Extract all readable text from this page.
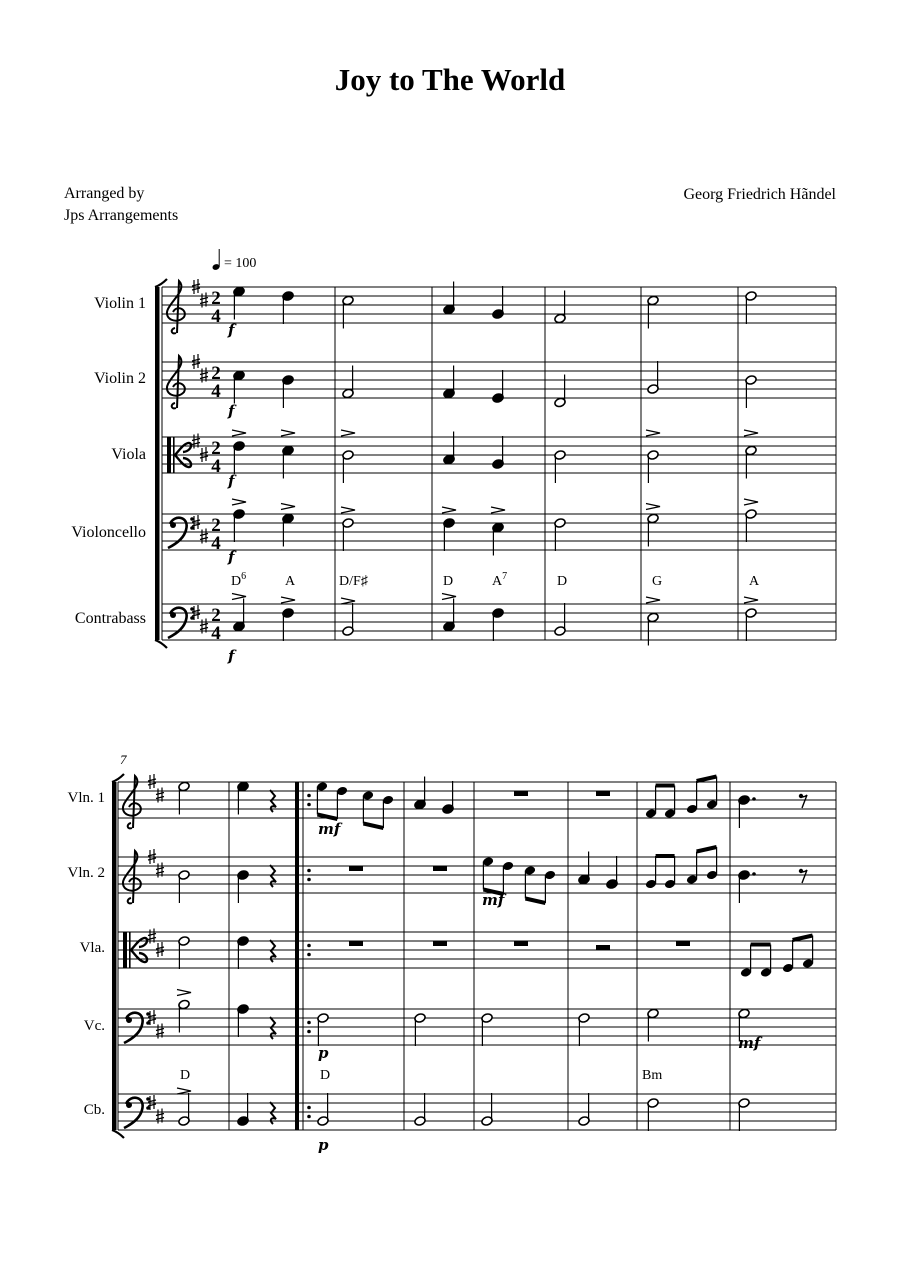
Joy to The World
Arranged by
Jps Arrangements
Georg Friedrich Hãndel
Violin 1
Violin 2
Viola
Violoncello
Contrabass
2
4
2
4
2
4
2
4
2
4
= 100
f
f
f
f
$D^6$	A	D/F♯	D	$A^7$	D	G	A
f
Vln. 1
Vln. 2
Vla.
Vc.
Cb.
7
mf
mf
p
mf
D	D	Bm
p
